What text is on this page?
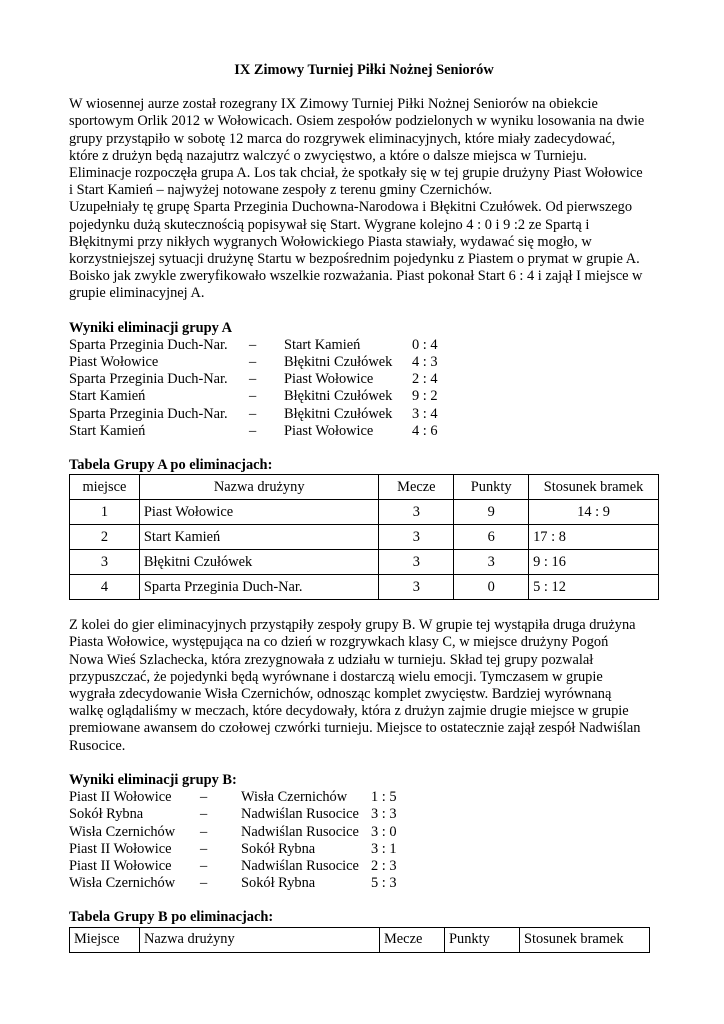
IX Zimowy Turniej Piłki Nożnej Seniorów

W wiosennej aurze został rozegrany IX Zimowy Turniej Piłki Nożnej Seniorów na obiekcie

sportowym Orlik 2012 w Wołowicach. Osiem zespołów podzielonych w wyniku losowania na dwie

grupy przystąpiło w sobotę 12 marca do rozgrywek eliminacyjnych, które miały zadecydować,

które z drużyn będą nazajutrz walczyć o zwycięstwo, a które o dalsze miejsca w Turnieju.

Eliminacje rozpoczęła grupa A. Los tak chciał, że spotkały się w tej grupie drużyny Piast Wołowice

i Start Kamień – najwyżej notowane zespoły z terenu gminy Czernichów.

Uzupełniały tę grupę Sparta Przeginia Duchowna-Narodowa i Błękitni Czułówek. Od pierwszego

pojedynku dużą skutecznością popisywał się Start. Wygrane kolejno 4 : 0 i 9 :2 ze Spartą i

Błękitnymi przy nikłych wygranych Wołowickiego Piasta stawiały, wydawać się mogło, w

korzystniejszej sytuacji drużynę Startu w bezpośrednim pojedynku z Piastem o prymat w grupie A.

Boisko jak zwykle zweryfikowało wszelkie rozważania. Piast pokonał Start 6 : 4 i zajął I miejsce w

grupie eliminacyjnej A.

Wyniki eliminacji grupy A
Sparta Przeginia Duch-Nar.	–	Start Kamień	0 : 4
Piast Wołowice	–	Błękitni Czułówek	4 : 3
Sparta Przeginia Duch-Nar.	–	Piast Wołowice	2 : 4
Start Kamień	–	Błękitni Czułówek	9 : 2
Sparta Przeginia Duch-Nar.	–	Błękitni Czułówek	3 : 4
Start Kamień	–	Piast Wołowice	4 : 6
Tabela Grupy A po eliminacjach:
miejsce	Nazwa drużyny	Mecze	Punkty	Stosunek bramek
1	Piast Wołowice	3	9	14 : 9
2	Start Kamień	3	6	17 : 8
3	Błękitni Czułówek	3	3	9 : 16
4	Sparta Przeginia Duch-Nar.	3	0	5 : 12

Z kolei do gier eliminacyjnych przystąpiły zespoły grupy B. W grupie tej wystąpiła druga drużyna

Piasta Wołowice, występująca na co dzień w rozgrywkach klasy C, w miejsce drużyny Pogoń

Nowa Wieś Szlachecka, która zrezygnowała z udziału w turnieju. Skład tej grupy pozwalał

przypuszczać, że pojedynki będą wyrównane i dostarczą wielu emocji. Tymczasem w grupie

wygrała zdecydowanie Wisła Czernichów, odnosząc komplet zwycięstw. Bardziej wyrównaną

walkę oglądaliśmy w meczach, które decydowały, która z drużyn zajmie drugie miejsce w grupie

premiowane awansem do czołowej czwórki turnieju. Miejsce to ostatecznie zajął zespół Nadwiślan

Rusocice.

Wyniki eliminacji grupy B:
Piast II Wołowice	–	Wisła Czernichów	1 : 5
Sokół Rybna	–	Nadwiślan Rusocice	3 : 3
Wisła Czernichów	–	Nadwiślan Rusocice	3 : 0
Piast II Wołowice	–	Sokół Rybna	3 : 1
Piast II Wołowice	–	Nadwiślan Rusocice	2 : 3
Wisła Czernichów	–	Sokół Rybna	5 : 3
Tabela Grupy B po eliminacjach:
Miejsce	Nazwa drużyny	Mecze	Punkty	Stosunek bramek
